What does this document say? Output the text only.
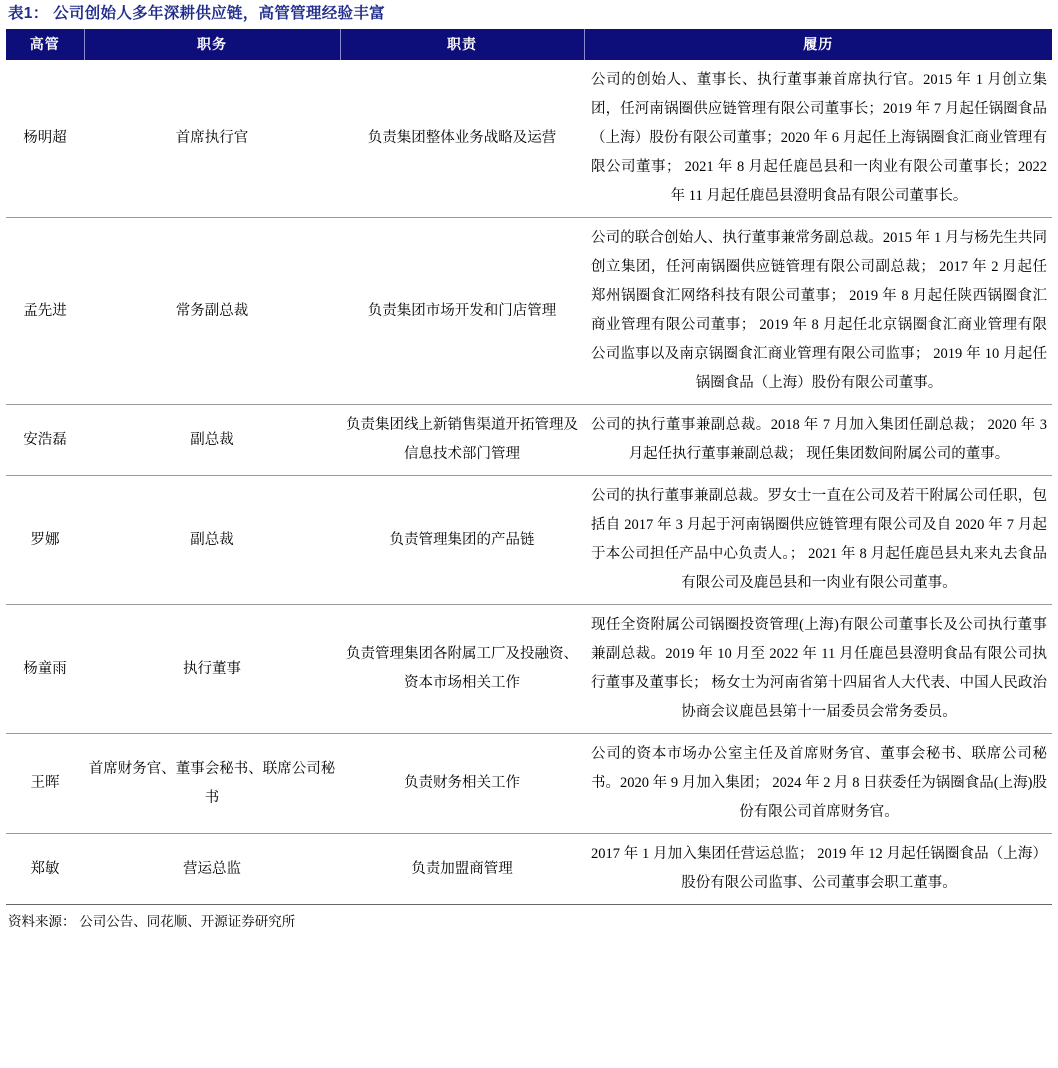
表1： 公司创始人多年深耕供应链，高管管理经验丰富
高管	职务	职责	履历
杨明超	首席执行官	负责集团整体业务战略及运营	公司的创始人、董事长、执行董事兼首席执行官。2015 年 1 月创立集团，任河南锅圈供应链管理有限公司董事长；2019 年 7 月起任锅圈食品（上海）股份有限公司董事；2020 年 6 月起任上海锅圈食汇商业管理有限公司董事； 2021 年 8 月起任鹿邑县和一肉业有限公司董事长；2022 年 11 月起任鹿邑县澄明食品有限公司董事长。
孟先进	常务副总裁	负责集团市场开发和门店管理	公司的联合创始人、执行董事兼常务副总裁。2015 年 1 月与杨先生共同创立集团，任河南锅圈供应链管理有限公司副总裁； 2017 年 2 月起任郑州锅圈食汇网络科技有限公司董事； 2019 年 8 月起任陕西锅圈食汇商业管理有限公司董事； 2019 年 8 月起任北京锅圈食汇商业管理有限公司监事以及南京锅圈食汇商业管理有限公司监事； 2019 年 10 月起任锅圈食品（上海）股份有限公司董事。
安浩磊	副总裁	负责集团线上新销售渠道开拓管理及信息技术部门管理	公司的执行董事兼副总裁。2018 年 7 月加入集团任副总裁； 2020 年 3 月起任执行董事兼副总裁； 现任集团数间附属公司的董事。
罗娜	副总裁	负责管理集团的产品链	公司的执行董事兼副总裁。罗女士一直在公司及若干附属公司任职，包括自 2017 年 3 月起于河南锅圈供应链管理有限公司及自 2020 年 7 月起于本公司担任产品中心负责人。； 2021 年 8 月起任鹿邑县丸来丸去食品有限公司及鹿邑县和一肉业有限公司董事。
杨童雨	执行董事	负责管理集团各附属工厂及投融资、资本市场相关工作	现任全资附属公司锅圈投资管理(上海)有限公司董事长及公司执行董事兼副总裁。2019 年 10 月至 2022 年 11 月任鹿邑县澄明食品有限公司执行董事及董事长； 杨女士为河南省第十四届省人大代表、中国人民政治协商会议鹿邑县第十一届委员会常务委员。
王晖	首席财务官、董事会秘书、联席公司秘书	负责财务相关工作	公司的资本市场办公室主任及首席财务官、董事会秘书、联席公司秘书。2020 年 9 月加入集团； 2024 年 2 月 8 日获委任为锅圈食品(上海)股份有限公司首席财务官。
郑敏	营运总监	负责加盟商管理	2017 年 1 月加入集团任营运总监； 2019 年 12 月起任锅圈食品（上海）股份有限公司监事、公司董事会职工董事。
资料来源： 公司公告、同花顺、开源证券研究所
